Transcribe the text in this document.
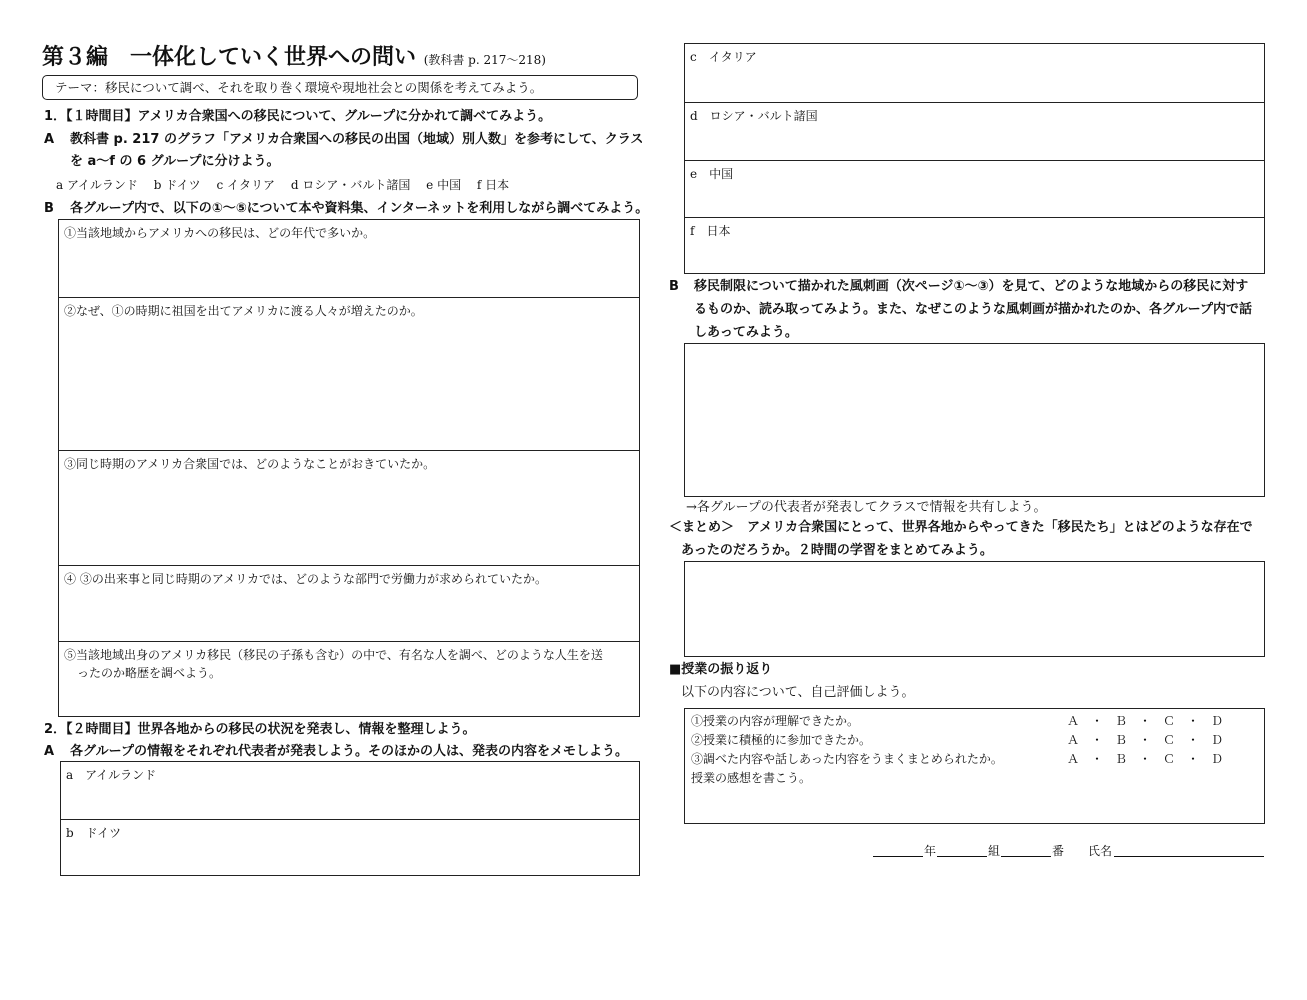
第３編　一体化していく世界への問い (教科書 p. 217〜218)
テーマ：移民について調べ、それを取り巻く環境や現地社会との関係を考えてみよう。
1．【１時間目】アメリカ合衆国への移民について、グループに分かれて調べてみよう。
A 教科書 p. 217 のグラフ「アメリカ合衆国への移民の出国（地域）別人数」を参考にして、クラス
を a〜f の 6 グループに分けよう。
a アイルランド　 b ドイツ　 c イタリア　 d ロシア・バルト諸国　 e 中国　 f 日本
B 各グループ内で、以下の①〜⑤について本や資料集、インターネットを利用しながら調べてみよう。
①当該地域からアメリカへの移民は、どの年代で多いか。
②なぜ、①の時期に祖国を出てアメリカに渡る人々が増えたのか。
③同じ時期のアメリカ合衆国では、どのようなことがおきていたか。
④ ③の出来事と同じ時期のアメリカでは、どのような部門で労働力が求められていたか。
⑤当該地域出身のアメリカ移民（移民の子孫も含む）の中で、有名な人を調べ、どのような人生を送
ったのか略歴を調べよう。
2．【２時間目】世界各地からの移民の状況を発表し、情報を整理しよう。
A 各グループの情報をそれぞれ代表者が発表しよう。そのほかの人は、発表の内容をメモしよう。
a　アイルランド
b　ドイツ
c　イタリア
d　ロシア・バルト諸国
e　中国
f　日本
B 移民制限について描かれた風刺画（次ページ①〜③）を見て、どのような地域からの移民に対す
るものか、読み取ってみよう。また、なぜこのような風刺画が描かれたのか、各グループ内で話
しあってみよう。
→各グループの代表者が発表してクラスで情報を共有しよう。
＜まとめ＞ アメリカ合衆国にとって、世界各地からやってきた「移民たち」とはどのような存在で
あったのだろうか。２時間の学習をまとめてみよう。
■授業の振り返り
以下の内容について、自己評価しよう。
①授業の内容が理解できたか。	Ａ　・　Ｂ　・　Ｃ　・　Ｄ
②授業に積極的に参加できたか。	Ａ　・　Ｂ　・　Ｃ　・　Ｄ
③調べた内容や話しあった内容をうまくまとめられたか。	Ａ　・　Ｂ　・　Ｃ　・　Ｄ
授業の感想を書こう。
年	組	番 氏名
